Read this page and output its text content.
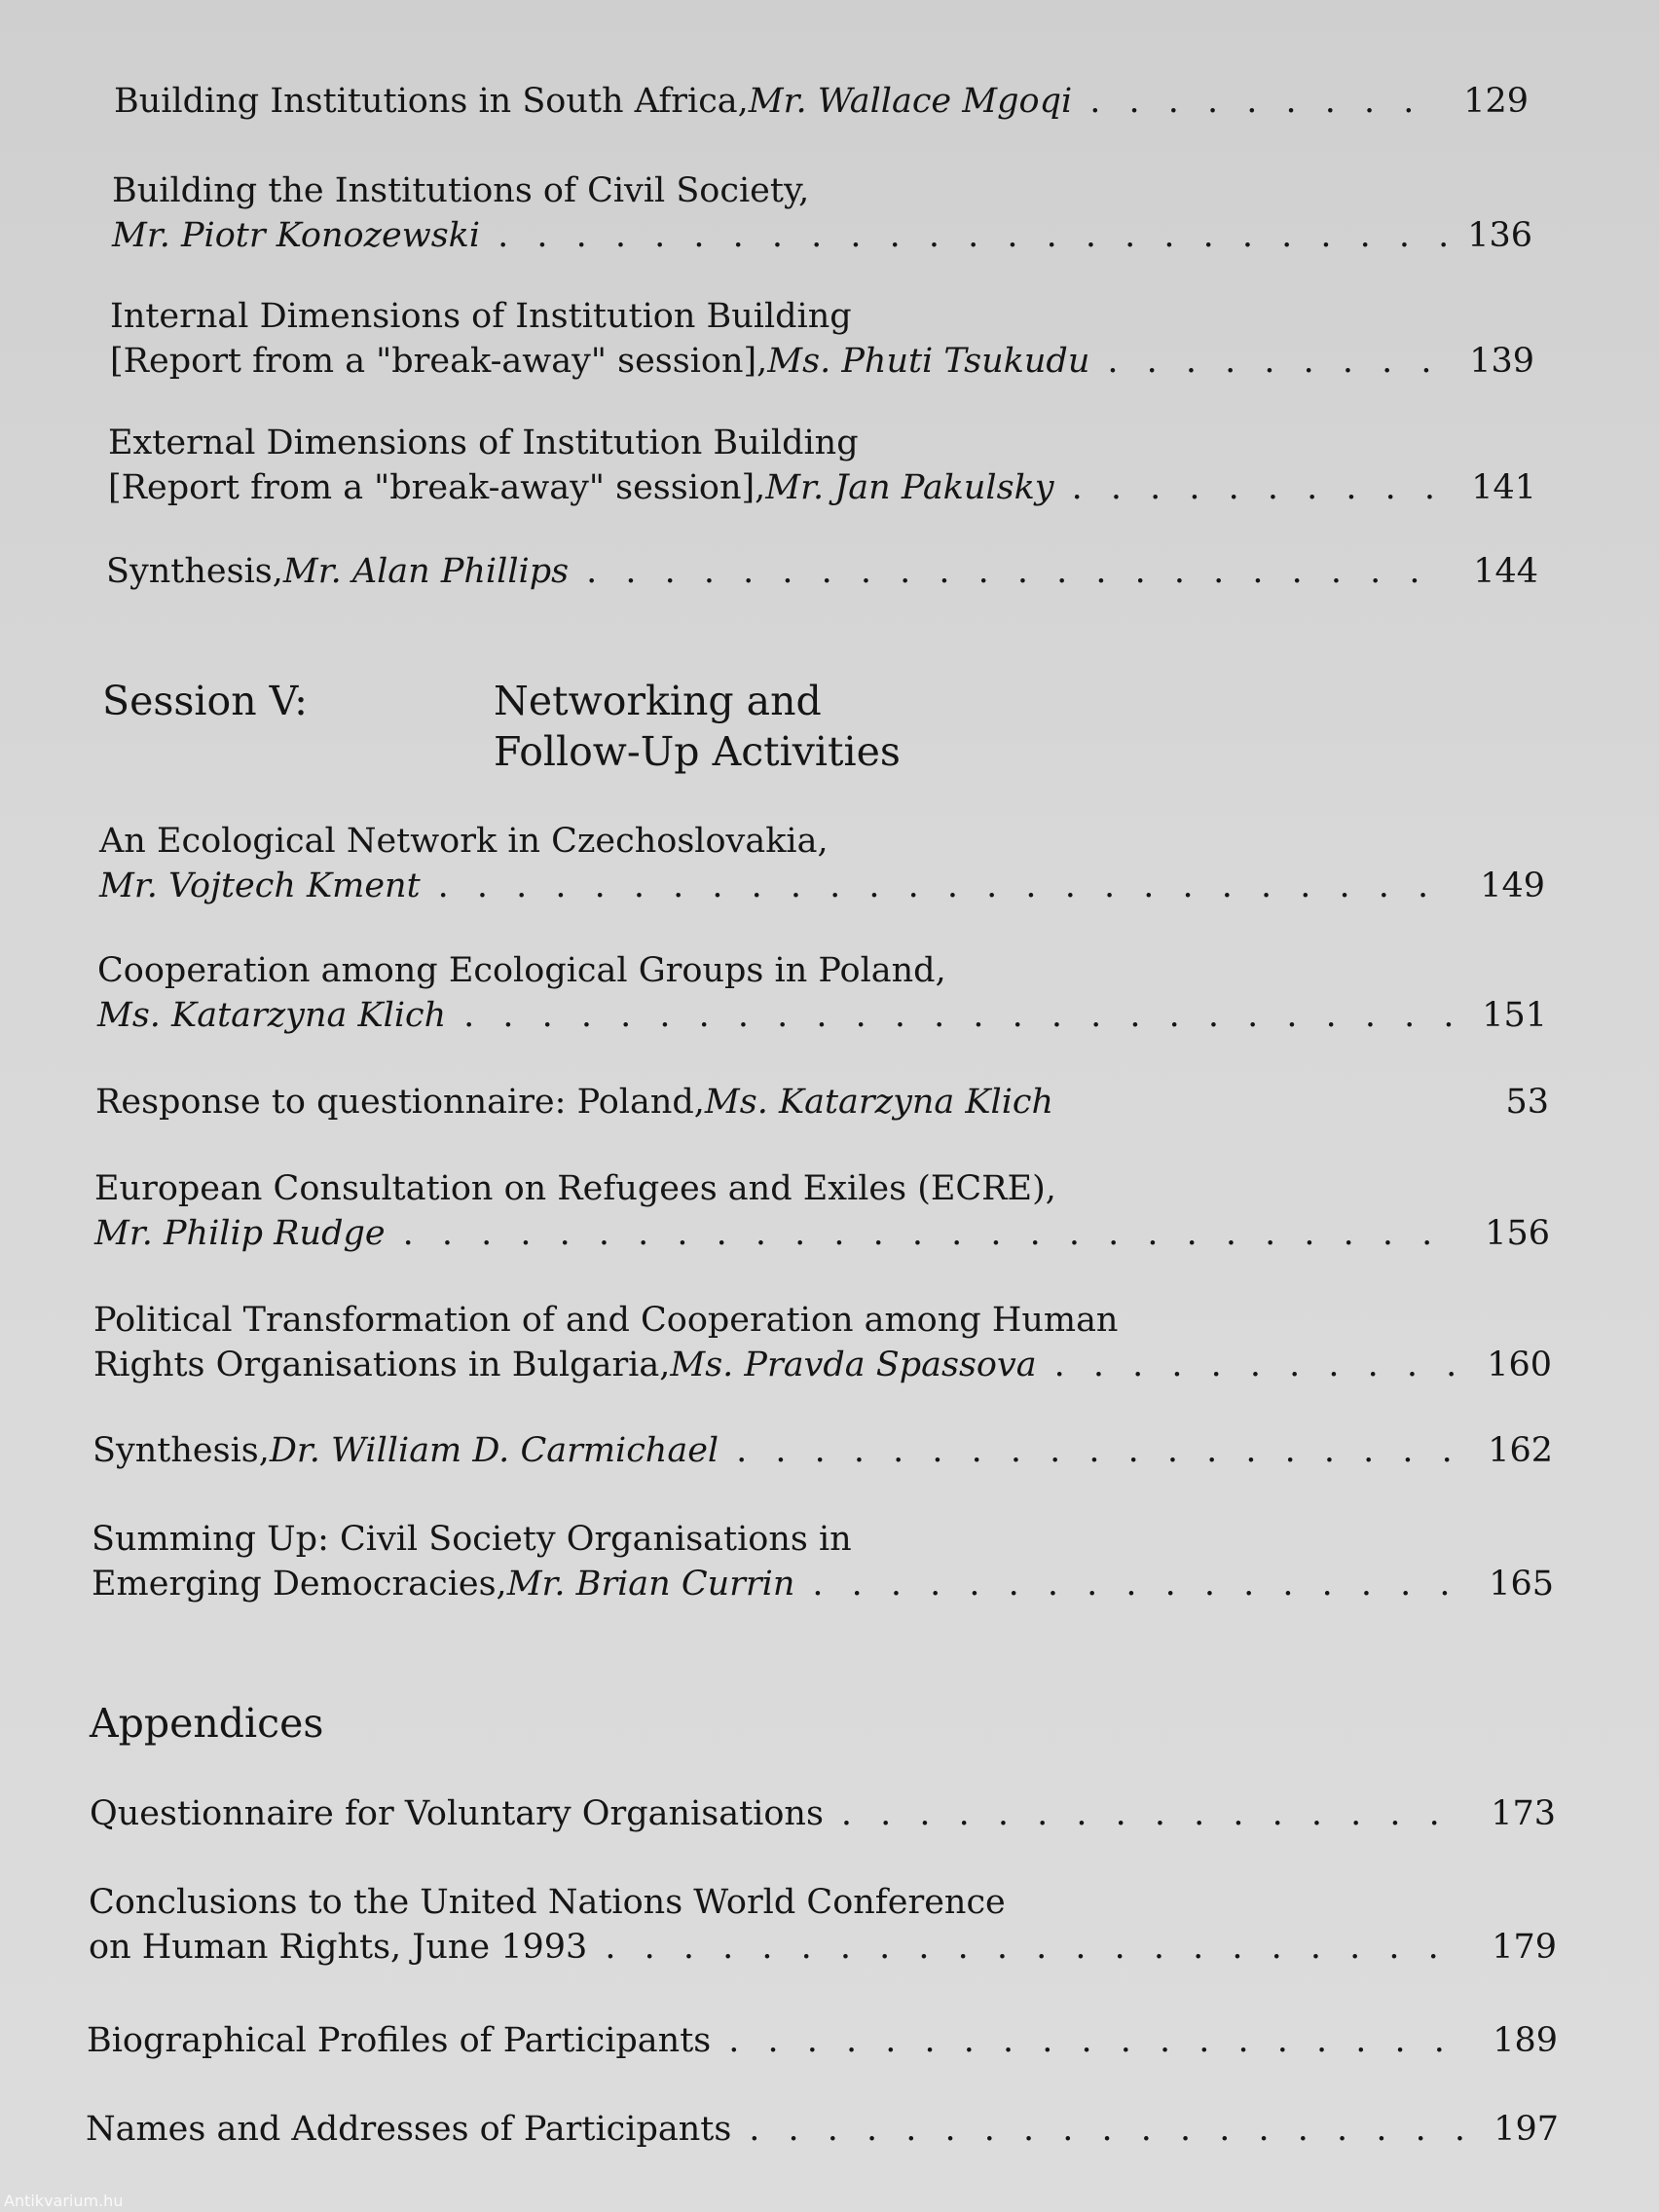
Building Institutions in South Africa, Mr. Wallace Mgoqi . . .	129
Building the Institutions of Civil Society,
Mr. Piotr Konozewski . . .	136
Internal Dimensions of Institution Building
[Report from a "break-away" session], Ms. Phuti Tsukudu . . .	139
External Dimensions of Institution Building
[Report from a "break-away" session], Mr. Jan Pakulsky . . .	141
Synthesis, Mr. Alan Phillips . . .	144
Session V:	Networking and
Follow-Up Activities
An Ecological Network in Czechoslovakia,
Mr. Vojtech Kment . . .	149
Cooperation among Ecological Groups in Poland,
Ms. Katarzyna Klich . . .	151
Response to questionnaire: Poland, Ms. Katarzyna Klich	53
European Consultation on Refugees and Exiles (ECRE),
Mr. Philip Rudge . . .	156
Political Transformation of and Cooperation among Human
Rights Organisations in Bulgaria, Ms. Pravda Spassova . . .	160
Synthesis, Dr. William D. Carmichael . . .	162
Summing Up: Civil Society Organisations in
Emerging Democracies, Mr. Brian Currin . . .	165
Appendices
Questionnaire for Voluntary Organisations . . .	173
Conclusions to the United Nations World Conference
on Human Rights, June 1993 . . .	179
Biographical Profiles of Participants . . .	189
Names and Addresses of Participants . . .	197
Antikvarium.hu
